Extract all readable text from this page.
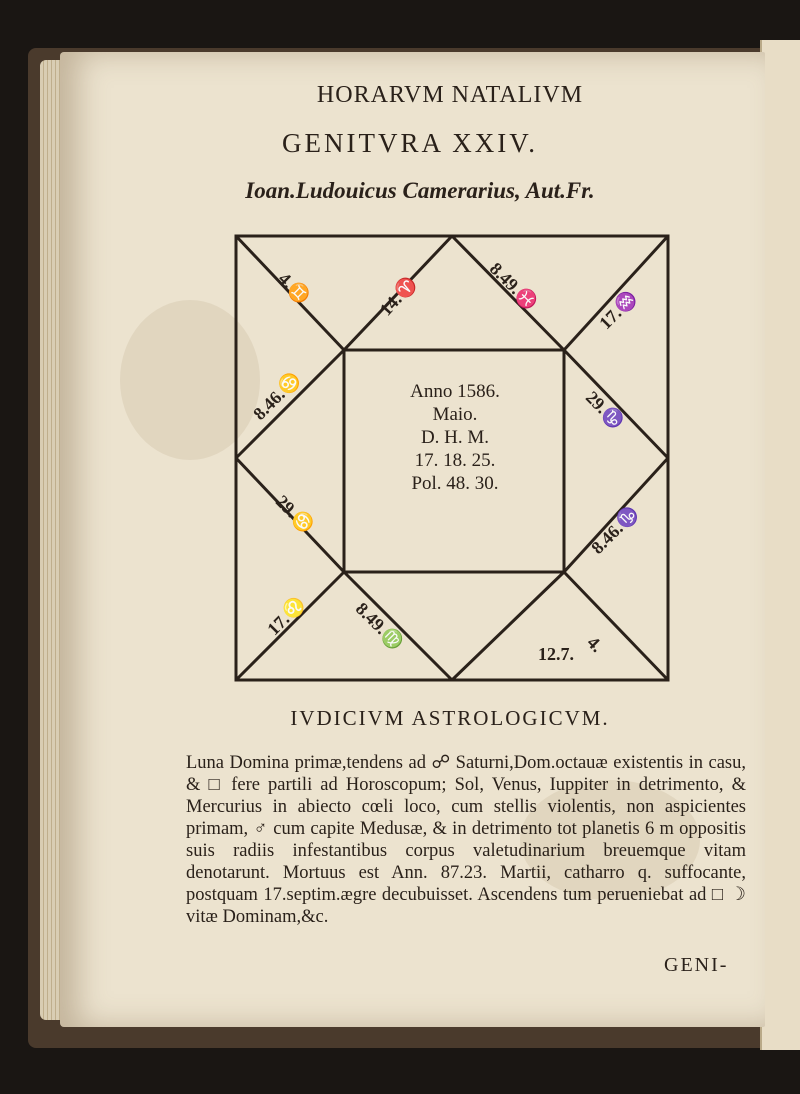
HORARVM NATALIVM
GENITVRA XXIV.
Ioan.Ludouicus Camerarius, Aut.Fr.
Anno 1586.
Maio.
D. H. M.
17. 18. 25.
Pol. 48. 30.
14.♈	8.49.♓	17.♒
29.♑
8.46.♑
4.
12.7.
8.49.♍
17.♌
29.♋
8.46.♋
4.♊
IVDICIVM ASTROLOGICVM.

Luna Domina primæ,tendens ad ☍ Saturni,Dom.octauæ existentis in casu, & □ fere partili ad Horoscopum; Sol, Venus, Iuppiter in detrimento, & Mercurius in abiecto cœli loco, cum stellis violentis, non aspicientes primam, ♂ cum capite Medusæ, & in detrimento tot planetis 6 m oppositis suis radiis infestantibus corpus valetudinarium breuemque vitam denotarunt. Mortuus est Ann. 87.23. Martii, catharro q. suffocante, postquam 17.septim.ægre decubuisset. Ascendens tum perueniebat ad □ ☽ vitæ Dominam,&c.

GENI-
